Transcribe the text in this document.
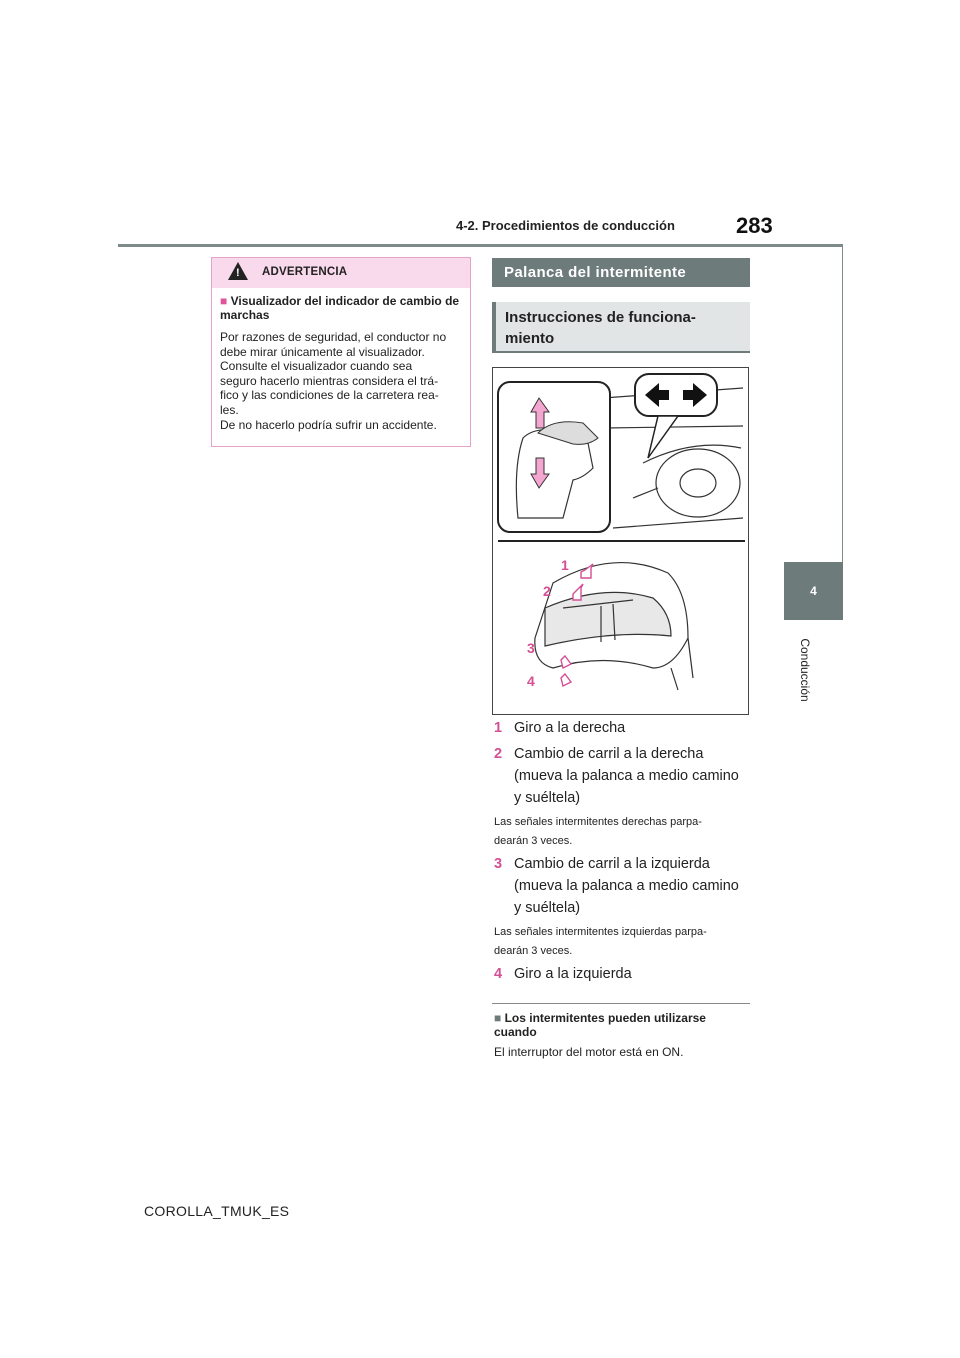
4-2. Procedimientos de conducción	283
4
Conducción
! ADVERTENCIA
■ Visualizador del indicador de cambio de marchas
Por razones de seguridad, el conductor no
debe mirar únicamente al visualizador.
Consulte el visualizador cuando sea
seguro hacerlo mientras considera el trá-
fico y las condiciones de la carretera rea-
les.
De no hacerlo podría sufrir un accidente.
Palanca del intermitente
Instrucciones de funciona-
miento
1
2
3
4
1 Giro a la derecha
2 Cambio de carril a la derecha
(mueva la palanca a medio camino
y suéltela)
Las señales intermitentes derechas parpa-
dearán 3 veces.
3 Cambio de carril a la izquierda
(mueva la palanca a medio camino
y suéltela)
Las señales intermitentes izquierdas parpa-
dearán 3 veces.
4 Giro a la izquierda
■ Los intermitentes pueden utilizarse cuando
El interruptor del motor está en ON.
COROLLA_TMUK_ES
